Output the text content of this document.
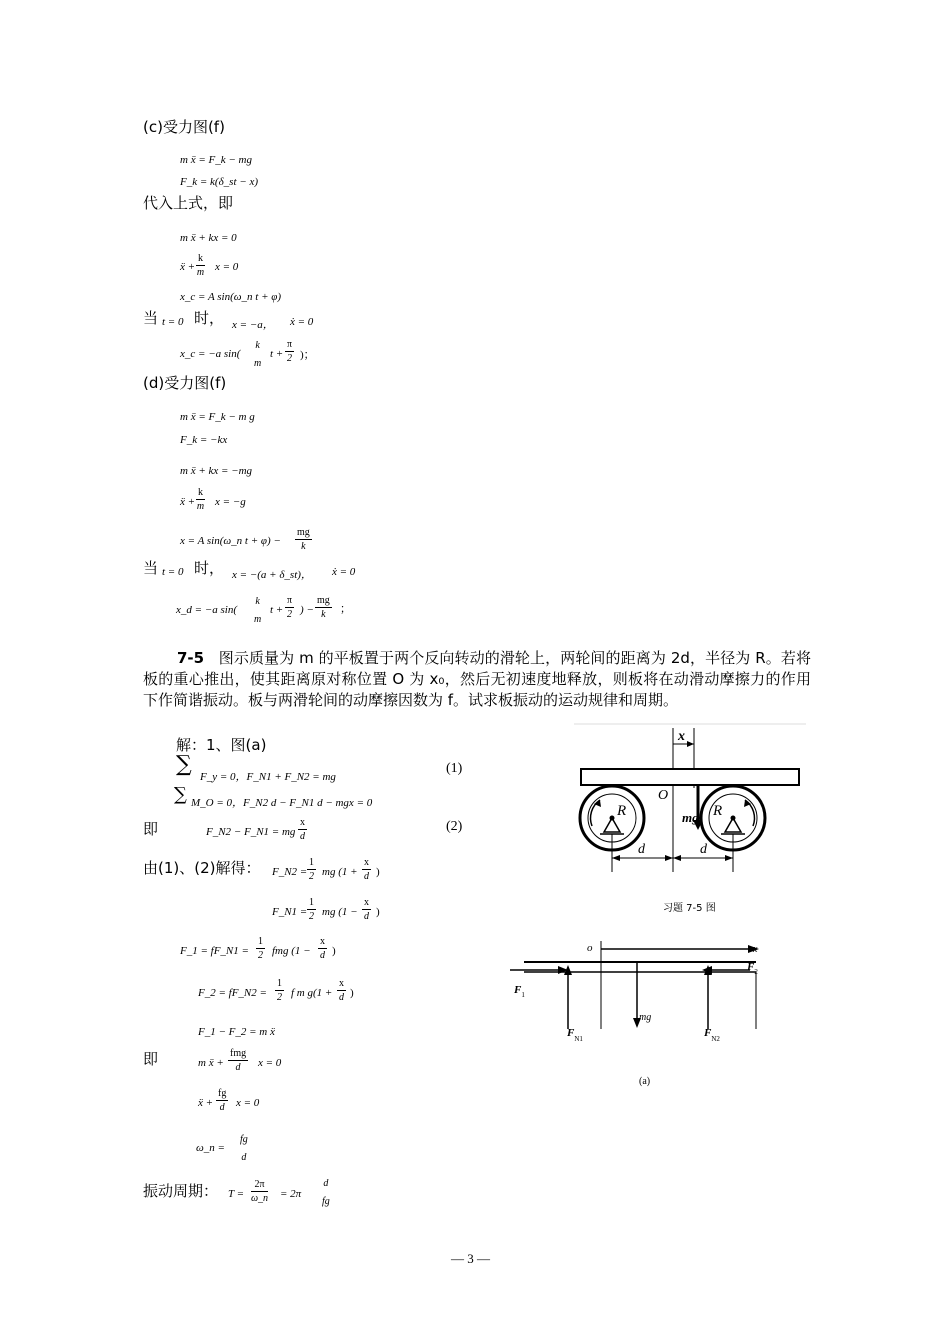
(c)受力图(f)
m ẍ = F_k − mg
F_k = k(δ_st − x)
代入上式，即
m ẍ + kx = 0
ẍ + $\frac{k}{m}$ x = 0
x_c = A sin(ω_n t + φ)
当 t = 0 时， x = −a， ẋ = 0
x_c = −a sin(
k
m
$t + \frac{\pi}{2}$ )；
(d)受力图(f)
m ẍ = F_k − m g
F_k = −kx
m ẍ + kx = −mg
ẍ + $\frac{k}{m}$ x = −g
x = A sin(ω_n $t + \varphi) - \frac{mg}{k}$
当 t = 0 时， x = −(a + δ_st)， ẋ = 0
x_d = −a sin(
k
m
$t + \frac{\pi}{2}$ ) − $\frac{mg}{k}$ ；
7-5 图示质量为 m 的平板置于两个反向转动的滑轮上，两轮间的距离为 2d，半径为 R。若将板的重心推出，使其距离原对称位置 O 为 x₀，然后无初速度地释放，则板将在动滑动摩擦力的作用下作简谐振动。板与两滑轮间的动摩擦因数为 f。试求板振动的运动规律和周期。
解：1、图(a)
∑ F_y = 0，F_N1 + F_N2 = mg
(1)
∑ M_O = 0，F_N2 d − F_N1 d − mgx = 0
即	F_N2 − F_N1 = mg $\frac{x}{d}$	(2)
由(1)、(2)解得： F_N2 = $\frac{1}{2}$ mg ($1 + \frac{x}{d}$ )
F_N1 = $\frac{1}{2}$ mg ($1 - \frac{x}{d}$ )
F_1 = fF_N1 = $\frac{1}{2}$ fmg ($1 - \frac{x}{d}$ )
F_2 = fF_N2 = $\frac{1}{2}$ f m $g(1 + \frac{x}{d}$ )
F_1 − F_2 = m ẍ
即	m ẍ +
fmg
d	x = 0
ẍ + $\frac{fg}{d}$ x = 0
ω_n =
fg
d
振动周期： $T = \frac{2\pi}{\omega\_n} = 2\pi$
d
fg
x
O
mg
R	R
d	d
习题 7-5 图
o	x
mg
$F_1$
$F_2$
$F_{N1}$	$F_{N2}$
(a)
— 3 —
